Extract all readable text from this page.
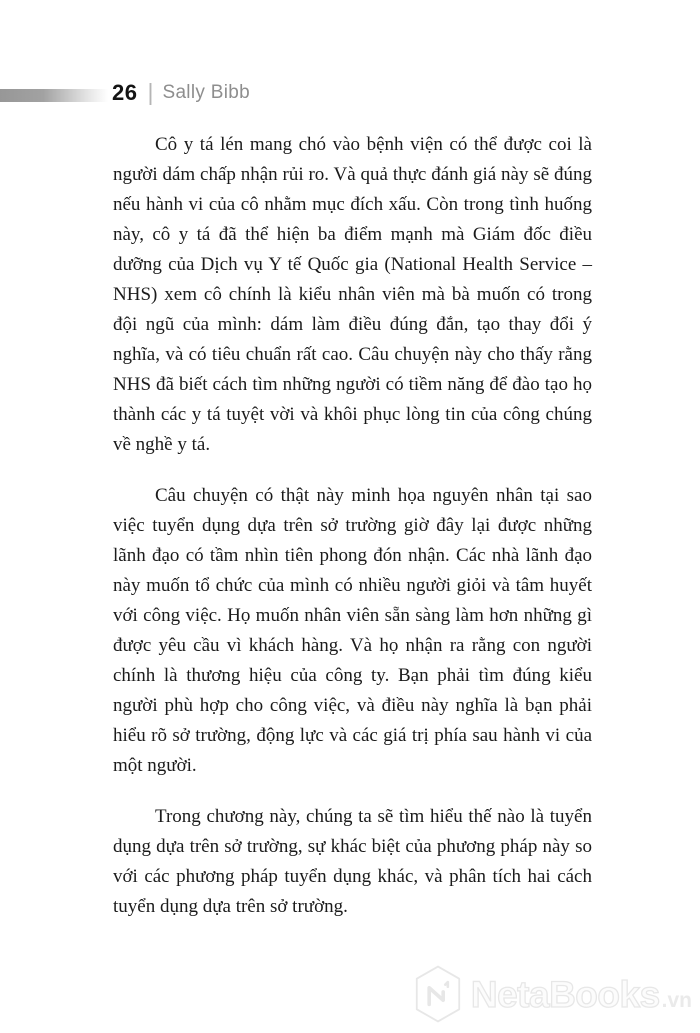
26 | Sally Bibb

Cô y tá lén mang chó vào bệnh viện có thể được coi là người dám chấp nhận rủi ro. Và quả thực đánh giá này sẽ đúng nếu hành vi của cô nhằm mục đích xấu. Còn trong tình huống này, cô y tá đã thể hiện ba điểm mạnh mà Giám đốc điều dưỡng của Dịch vụ Y tế Quốc gia (National Health Service – NHS) xem cô chính là kiểu nhân viên mà bà muốn có trong đội ngũ của mình: dám làm điều đúng đắn, tạo thay đổi ý nghĩa, và có tiêu chuẩn rất cao. Câu chuyện này cho thấy rằng NHS đã biết cách tìm những người có tiềm năng để đào tạo họ thành các y tá tuyệt vời và khôi phục lòng tin của công chúng về nghề y tá.

Câu chuyện có thật này minh họa nguyên nhân tại sao việc tuyển dụng dựa trên sở trường giờ đây lại được những lãnh đạo có tầm nhìn tiên phong đón nhận. Các nhà lãnh đạo này muốn tổ chức của mình có nhiều người giỏi và tâm huyết với công việc. Họ muốn nhân viên sẵn sàng làm hơn những gì được yêu cầu vì khách hàng. Và họ nhận ra rằng con người chính là thương hiệu của công ty. Bạn phải tìm đúng kiểu người phù hợp cho công việc, và điều này nghĩa là bạn phải hiểu rõ sở trường, động lực và các giá trị phía sau hành vi của một người.

Trong chương này, chúng ta sẽ tìm hiểu thế nào là tuyển dụng dựa trên sở trường, sự khác biệt của phương pháp này so với các phương pháp tuyển dụng khác, và phân tích hai cách tuyển dụng dựa trên sở trường.

NetaBooks.vn
